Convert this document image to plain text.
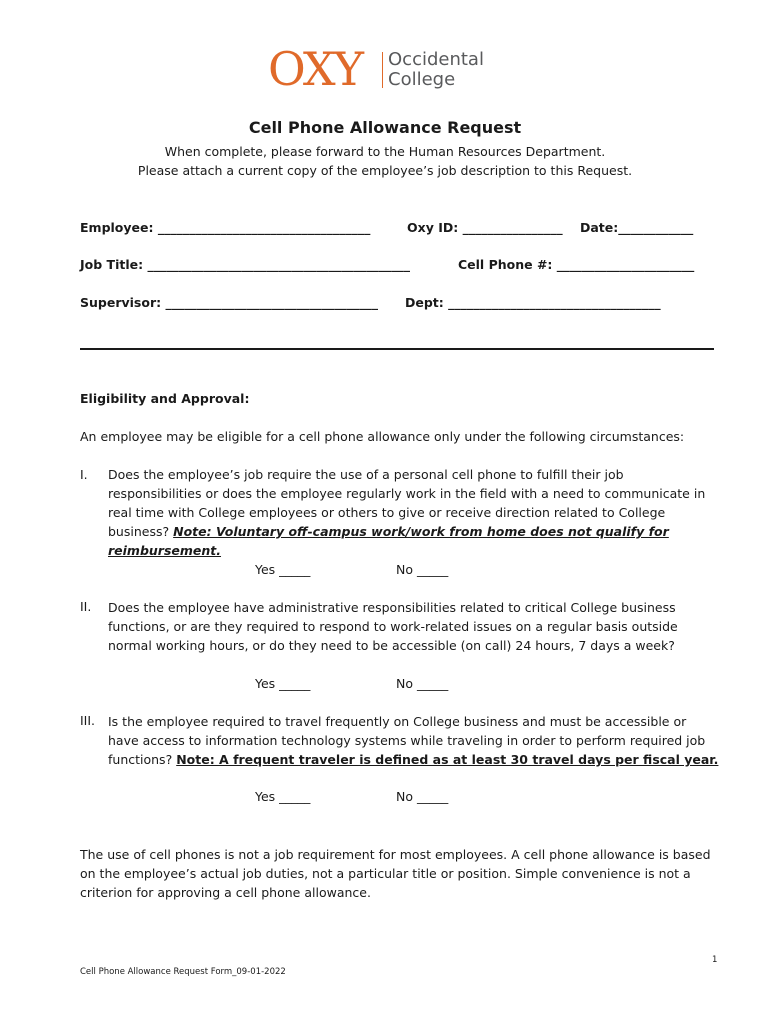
OXY Occidental
College
Cell Phone Allowance Request
When complete, please forward to the Human Resources Department.
Please attach a current copy of the employee’s job description to this Request.
Employee: __________________________________	Oxy ID: ________________ Date:____________
Job Title: __________________________________________	Cell Phone #: ______________________
Supervisor: __________________________________ Dept: __________________________________
Eligibility and Approval:
An employee may be eligible for a cell phone allowance only under the following circumstances:
I. Does the employee’s job require the use of a personal cell phone to fulfill their job responsibilities or does the employee regularly work in the field with a need to communicate in real time with College employees or others to give or receive direction related to College business? Note: Voluntary off-campus work/work from home does not qualify for reimbursement.
Yes _____	No _____
II. Does the employee have administrative responsibilities related to critical College business functions, or are they required to respond to work-related issues on a regular basis outside normal working hours, or do they need to be accessible (on call) 24 hours, 7 days a week?
Yes _____	No _____
III. Is the employee required to travel frequently on College business and must be accessible or have access to information technology systems while traveling in order to perform required job functions? Note: A frequent traveler is defined as at least 30 travel days per fiscal year.
Yes _____	No _____
The use of cell phones is not a job requirement for most employees. A cell phone allowance is based on the employee’s actual job duties, not a particular title or position. Simple convenience is not a criterion for approving a cell phone allowance.
1
Cell Phone Allowance Request Form_09-01-2022
